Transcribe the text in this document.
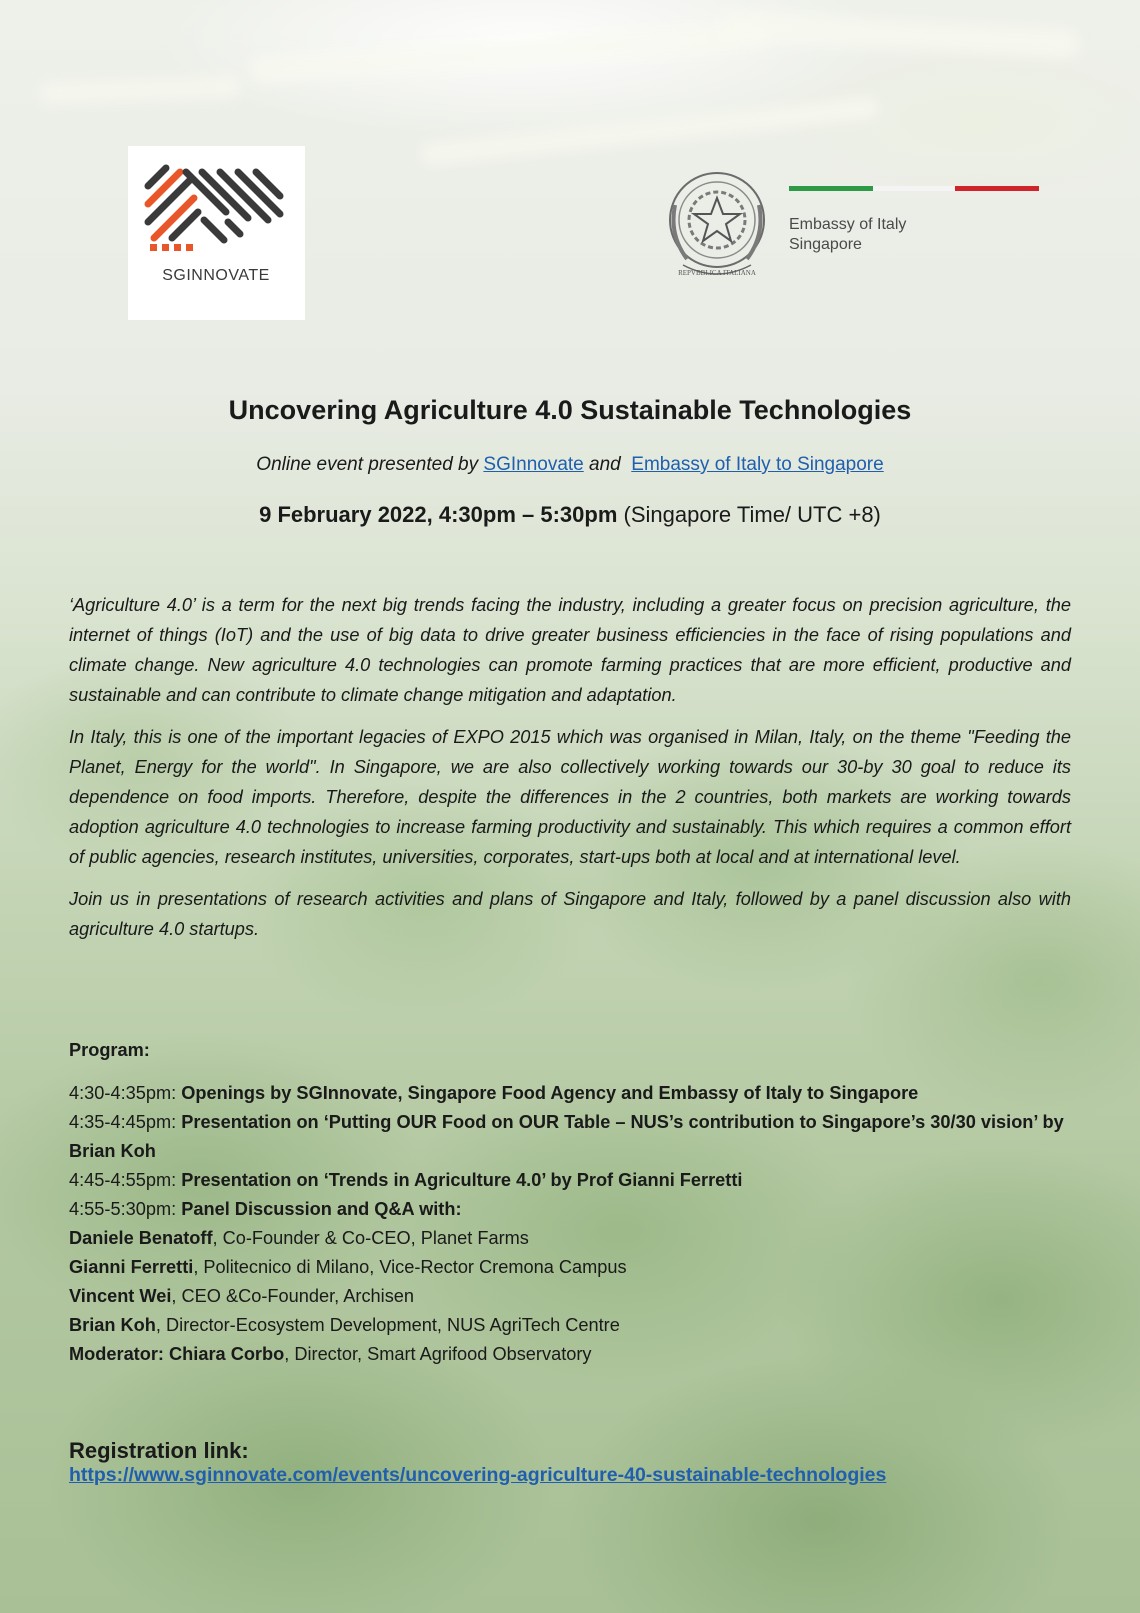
SGINNOVATE	REPVBBLICA ITALIANA
Embassy of Italy
Singapore
Uncovering Agriculture 4.0 Sustainable Technologies
Online event presented by SGInnovate and Embassy of Italy to Singapore
9 February 2022, 4:30pm – 5:30pm (Singapore Time/ UTC +8)

‘Agriculture 4.0’ is a term for the next big trends facing the industry, including a greater focus on precision agriculture, the internet of things (IoT) and the use of big data to drive greater business efficiencies in the face of rising populations and climate change. New agriculture 4.0 technologies can promote farming practices that are more efficient, productive and sustainable and can contribute to climate change mitigation and adaptation.

In Italy, this is one of the important legacies of EXPO 2015 which was organised in Milan, Italy, on the theme "Feeding the Planet, Energy for the world". In Singapore, we are also collectively working towards our 30-by 30 goal to reduce its dependence on food imports. Therefore, despite the differences in the 2 countries, both markets are working towards adoption agriculture 4.0 technologies to increase farming productivity and sustainably. This which requires a common effort of public agencies, research institutes, universities, corporates, start-ups both at local and at international level.

Join us in presentations of research activities and plans of Singapore and Italy, followed by a panel discussion also with agriculture 4.0 startups.

Program:
4:30-4:35pm: Openings by SGInnovate, Singapore Food Agency and Embassy of Italy to Singapore
4:35-4:45pm: Presentation on ‘Putting OUR Food on OUR Table – NUS’s contribution to Singapore’s 30/30 vision’ by Brian Koh
4:45-4:55pm: Presentation on ‘Trends in Agriculture 4.0’ by Prof Gianni Ferretti
4:55-5:30pm: Panel Discussion and Q&A with:
Daniele Benatoff, Co-Founder & Co-CEO, Planet Farms
Gianni Ferretti, Politecnico di Milano, Vice-Rector Cremona Campus
Vincent Wei, CEO &Co-Founder, Archisen
Brian Koh, Director-Ecosystem Development, NUS AgriTech Centre
Moderator: Chiara Corbo, Director, Smart Agrifood Observatory
Registration link:
https://www.sginnovate.com/events/uncovering-agriculture-40-sustainable-technologies
